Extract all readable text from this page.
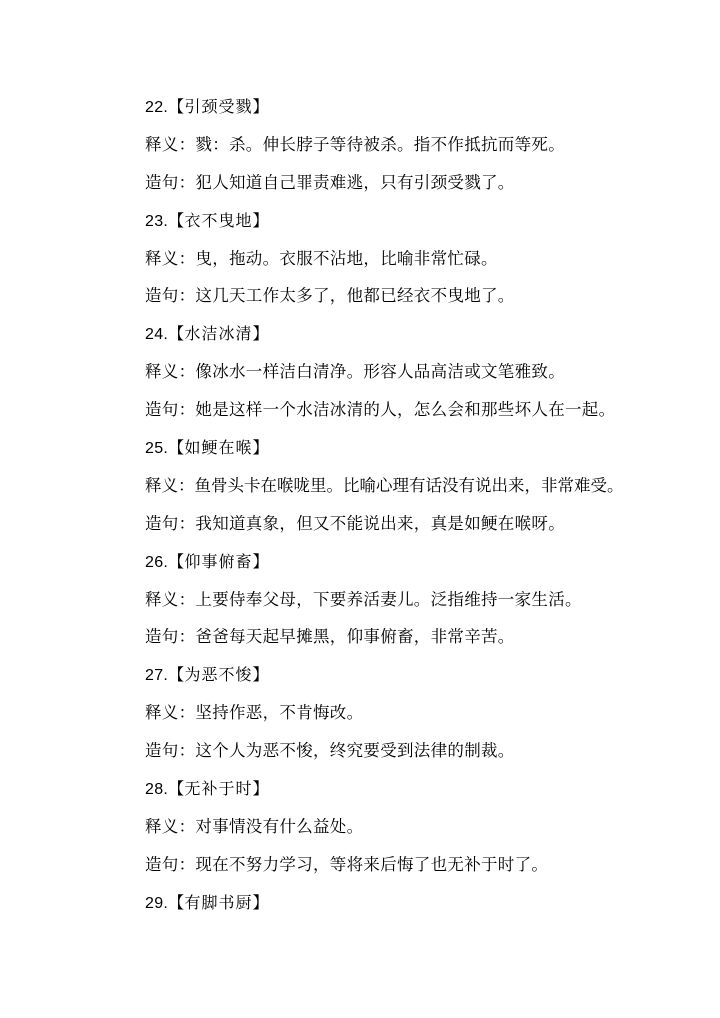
22.【引颈受戮】
释义：戮：杀。伸长脖子等待被杀。指不作抵抗而等死。
造句：犯人知道自己罪责难逃，只有引颈受戮了。
23.【衣不曳地】
释义：曳，拖动。衣服不沾地，比喻非常忙碌。
造句：这几天工作太多了，他都已经衣不曳地了。
24.【水洁冰清】
释义：像冰水一样洁白清净。形容人品高洁或文笔雅致。
造句：她是这样一个水洁冰清的人，怎么会和那些坏人在一起。
25.【如鲠在喉】
释义：鱼骨头卡在喉咙里。比喻心理有话没有说出来，非常难受。
造句：我知道真象，但又不能说出来，真是如鲠在喉呀。
26.【仰事俯畜】
释义：上要侍奉父母，下要养活妻儿。泛指维持一家生活。
造句：爸爸每天起早摊黑，仰事俯畜，非常辛苦。
27.【为恶不悛】
释义：坚持作恶，不肯悔改。
造句：这个人为恶不悛，终究要受到法律的制裁。
28.【无补于时】
释义：对事情没有什么益处。
造句：现在不努力学习，等将来后悔了也无补于时了。
29.【有脚书厨】
